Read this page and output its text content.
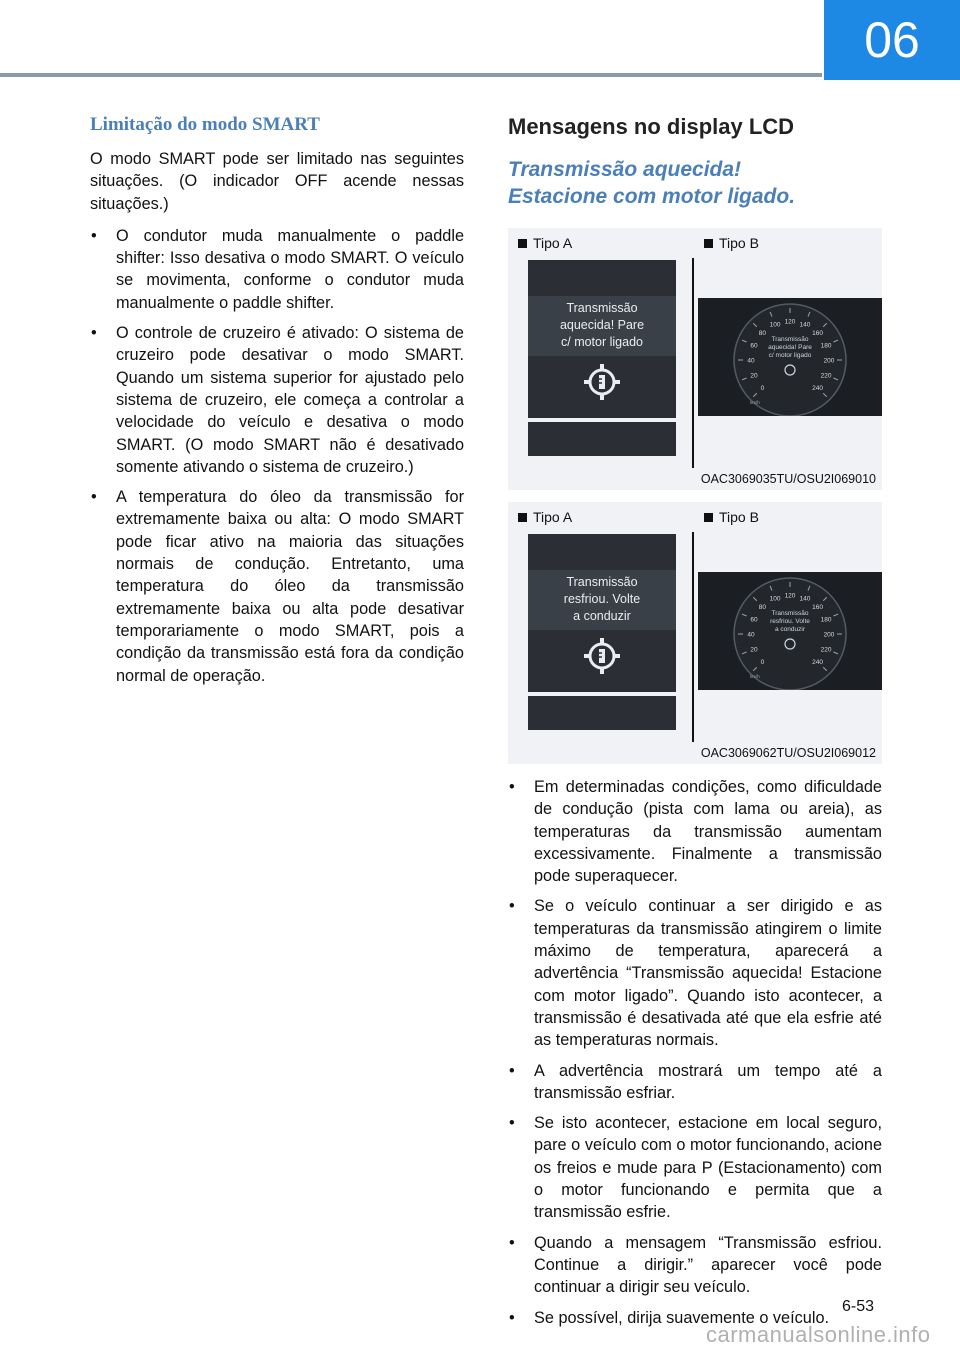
06
Limitação do modo SMART

O modo SMART pode ser limitado nas seguintes situações. (O indicador OFF acende nessas situações.)

• O condutor muda manualmente o paddle shifter: Isso desativa o modo SMART. O veículo se movimenta, conforme o condutor muda manualmente o paddle shifter.
• O controle de cruzeiro é ativado: O sistema de cruzeiro pode desativar o modo SMART. Quando um sistema superior for ajustado pelo sistema de cruzeiro, ele começa a controlar a velocidade do veículo e desativa o modo SMART. (O modo SMART não é desativado somente ativando o sistema de cruzeiro.)
• A temperatura do óleo da transmissão for extremamente baixa ou alta: O modo SMART pode ficar ativo na maioria das situações normais de condução. Entretanto, uma temperatura do óleo da transmissão extremamente baixa ou alta pode desativar temporariamente o modo SMART, pois a condição da transmissão está fora da condição normal de operação.
Mensagens no display LCD
Transmissão aquecida!
Estacione com motor ligado.
Tipo A	Tipo B
Transmissão
aquecida! Pare
c/ motor ligado
0
20
40
60
80
100 120 140
160
180
200
220
240
km/h
Transmissão
aquecida! Pare
c/ motor ligado
OAC3069035TU/OSU2I069010
Tipo A	Tipo B
Transmissão
resfriou. Volte
a conduzir
0
20
40
60
80
100 120 140
160
180
200
220
240
km/h
Transmissão
resfriou. Volte
a conduzir
OAC3069062TU/OSU2I069012
• Em determinadas condições, como dificuldade de condução (pista com lama ou areia), as temperaturas da transmissão aumentam excessivamente. Finalmente a transmissão pode superaquecer.
• Se o veículo continuar a ser dirigido e as temperaturas da transmissão atingirem o limite máximo de temperatura, aparecerá a advertência “Transmissão aquecida! Estacione com motor ligado”. Quando isto acontecer, a transmissão é desativada até que ela esfrie até as temperaturas normais.
• A advertência mostrará um tempo até a transmissão esfriar.
• Se isto acontecer, estacione em local seguro, pare o veículo com o motor funcionando, acione os freios e mude para P (Estacionamento) com o motor funcionando e permita que a transmissão esfrie.
• Quando a mensagem “Transmissão esfriou. Continue a dirigir.” aparecer você pode continuar a dirigir seu veículo.
• Se possível, dirija suavemente o veículo.
6-53
carmanualsonline.info
